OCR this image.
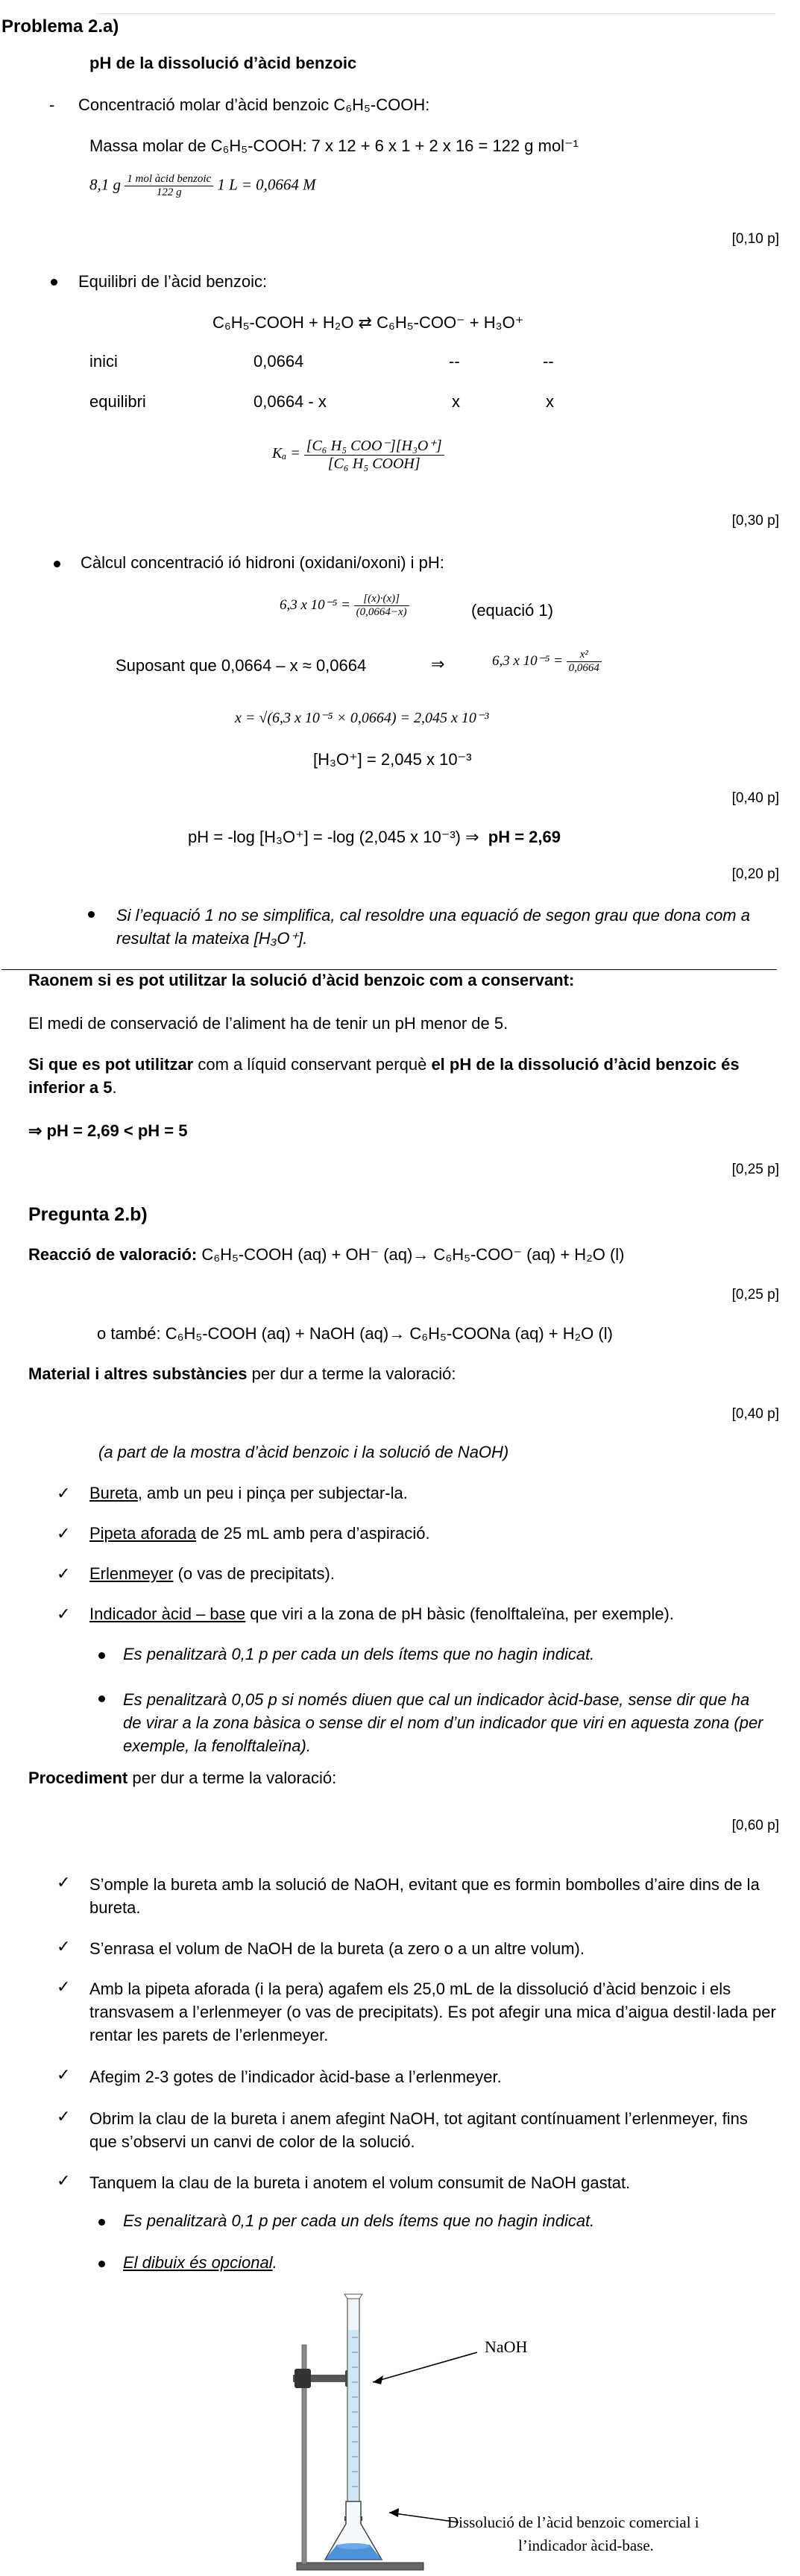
Problema 2.a)
pH de la dissolució d’àcid benzoic
- Concentració molar d’àcid benzoic C₆H₅-COOH:
Massa molar de C₆H₅-COOH: 7 x 12 + 6 x 1 + 2 x 16 = 122 g mol⁻¹
8,1 g $\frac{\text{1 mol àcid benzoic}}{122 g} 1$ L = 0,0664 M
[0,10 p]
Equilibri de l’àcid benzoic:
C₆H₅-COOH + H₂O ⇄ C₆H₅-COO⁻ + H₃O⁺
inici	0,0664	--	--
equilibri	0,0664 - x	x	x
$K_a = \frac{\text{[C₆ H₅ COO⁻][H₃O⁺]}}{\text{[C₆ H₅ COOH]}}$
[0,30 p]
Càlcul concentració ió hidroni (oxidani/oxoni) i pH:
6,3 x $10^{-5} = \frac{[(x)\cdot(x)]}{(0,0664-x)}$	(equació 1)
Suposant que 0,0664 – x ≈ 0,0664	⇒	6,3 x $10^{-5} = \frac{\text{x²}}{0,0664}$
x = √(6,3 x 10⁻⁵ × 0,0664) = 2,045 x 10⁻³
[H₃O⁺] = 2,045 x 10⁻³
[0,40 p]
pH = -log [H₃O⁺] = -log (2,045 x 10⁻³) ⇒ pH = 2,69
[0,20 p]
Si l’equació 1 no se simplifica, cal resoldre una equació de segon grau que dona com a resultat la mateixa [H₃O⁺].
Raonem si es pot utilitzar la solució d’àcid benzoic com a conservant:
El medi de conservació de l’aliment ha de tenir un pH menor de 5.
Si que es pot utilitzar com a líquid conservant perquè el pH de la dissolució d’àcid benzoic és inferior a 5.
⇒ pH = 2,69 < pH = 5
[0,25 p]
Pregunta 2.b)
Reacció de valoració: C₆H₅-COOH (aq) + OH⁻ (aq)→ C₆H₅-COO⁻ (aq) + H₂O (l)
[0,25 p]
o també: C₆H₅-COOH (aq) + NaOH (aq)→ C₆H₅-COONa (aq) + H₂O (l)
Material i altres substàncies per dur a terme la valoració:
[0,40 p]
(a part de la mostra d’àcid benzoic i la solució de NaOH)
✓ Bureta, amb un peu i pinça per subjectar-la.
✓ Pipeta aforada de 25 mL amb pera d’aspiració.
✓ Erlenmeyer (o vas de precipitats).
✓ Indicador àcid – base que viri a la zona de pH bàsic (fenolftaleïna, per exemple).
Es penalitzarà 0,1 p per cada un dels ítems que no hagin indicat.
Es penalitzarà 0,05 p si només diuen que cal un indicador àcid-base, sense dir que ha de virar a la zona bàsica o sense dir el nom d’un indicador que viri en aquesta zona (per exemple, la fenolftaleïna).
Procediment per dur a terme la valoració:
[0,60 p]
✓ S’omple la bureta amb la solució de NaOH, evitant que es formin bombolles d’aire dins de la bureta.
✓ S’enrasa el volum de NaOH de la bureta (a zero o a un altre volum).
✓ Amb la pipeta aforada (i la pera) agafem els 25,0 mL de la dissolució d’àcid benzoic i els transvasem a l’erlenmeyer (o vas de precipitats). Es pot afegir una mica d’aigua destil·lada per rentar les parets de l’erlenmeyer.
✓ Afegim 2-3 gotes de l’indicador àcid-base a l’erlenmeyer.
✓ Obrim la clau de la bureta i anem afegint NaOH, tot agitant contínuament l’erlenmeyer, fins que s’observi un canvi de color de la solució.
✓ Tanquem la clau de la bureta i anotem el volum consumit de NaOH gastat.
Es penalitzarà 0,1 p per cada un dels ítems que no hagin indicat.
El dibuix és opcional.
NaOH
Dissolució de l’àcid benzoic comercial i
l’indicador àcid-base.
